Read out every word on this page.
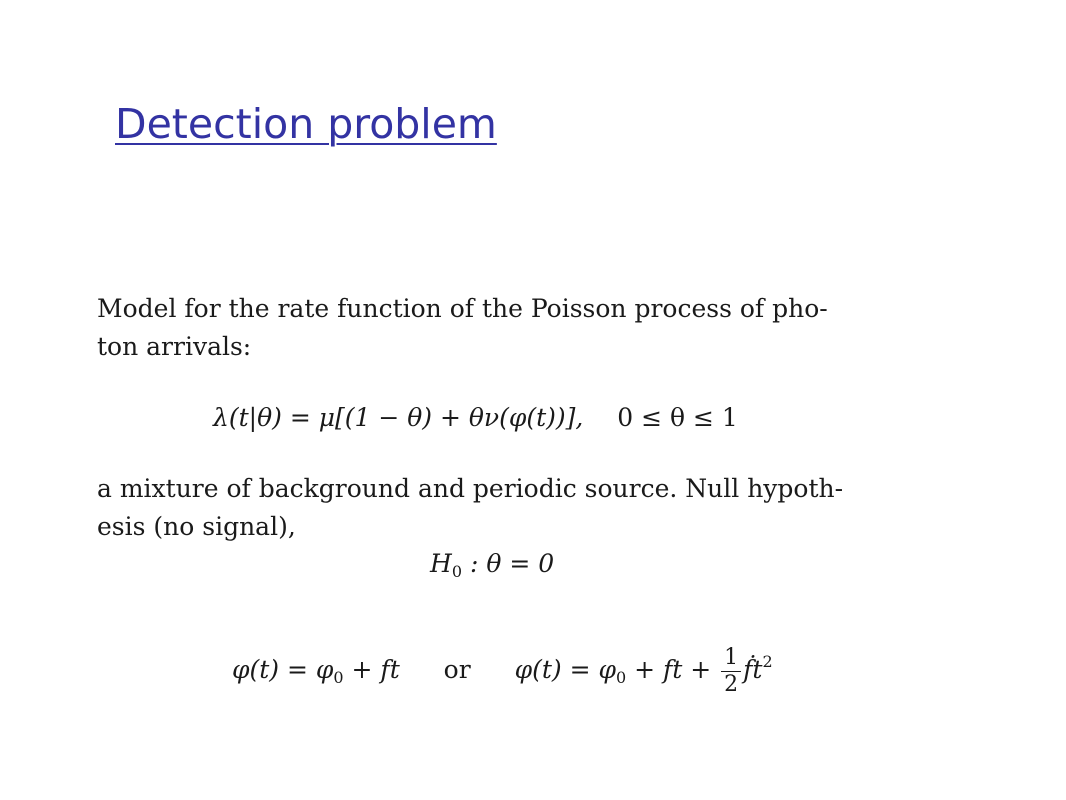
Detection problem
Model for the rate function of the Poisson process of pho-
ton arrivals:
λ(t|θ) = μ[(1 − θ) + θν(φ(t))], 0 ≤ θ ≤ 1
a mixture of background and periodic source. Null hypoth-
esis (no signal),
$H_0$ : θ = 0
$\varphi(t) = \varphi_0$ + ft or $\varphi(t) = \varphi_0$ + ft + $\frac{1}{2}$ ḟt$^2$
